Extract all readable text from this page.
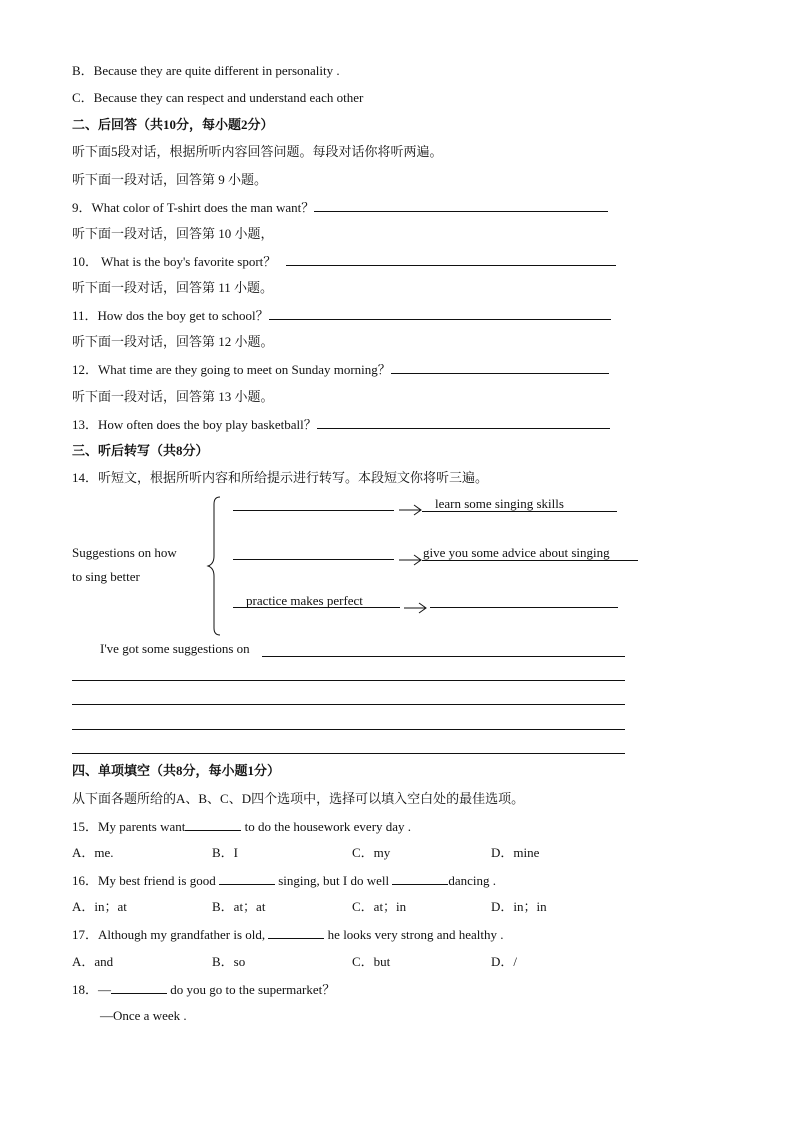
B．Because they are quite different in personality .
C．Because they can respect and understand each other
二、后回答（共10分，每小题2分）
听下面5段对话，根据所听内容回答问题。每段对话你将听两遍。
听下面一段对话，回答第 9 小题。
9．What color of T-shirt does the man want？
听下面一段对话，回答第 10 小题，
10． What is the boy's favorite sport？
听下面一段对话，回答第 11 小题。
11．How dos the boy get to school？
听下面一段对话，回答第 12 小题。
12．What time are they going to meet on Sunday morning？
听下面一段对话，回答第 13 小题。
13．How often does the boy play basketball？
三、听后转写（共8分）
14．听短文，根据所听内容和所给提示进行转写。本段短文你将听三遍。
Suggestions on how
to sing better
learn some singing skills
give you some advice about singing
practice makes perfect
I've got some suggestions on
四、单项填空（共8分，每小题1分）
从下面各题所给的A、B、C、D四个选项中，选择可以填入空白处的最佳选项。
15．My parents want	to do the housework every day .
A．me.	B．I	C．my	D．mine
16．My best friend is good	singing, but I do well	dancing .
A．in；at	B．at；at	C．at；in	D．in；in
17．Although my grandfather is old,	he looks very strong and healthy .
A．and	B．so	C．but	D．/
18．—	do you go to the supermarket？
—Once a week .
